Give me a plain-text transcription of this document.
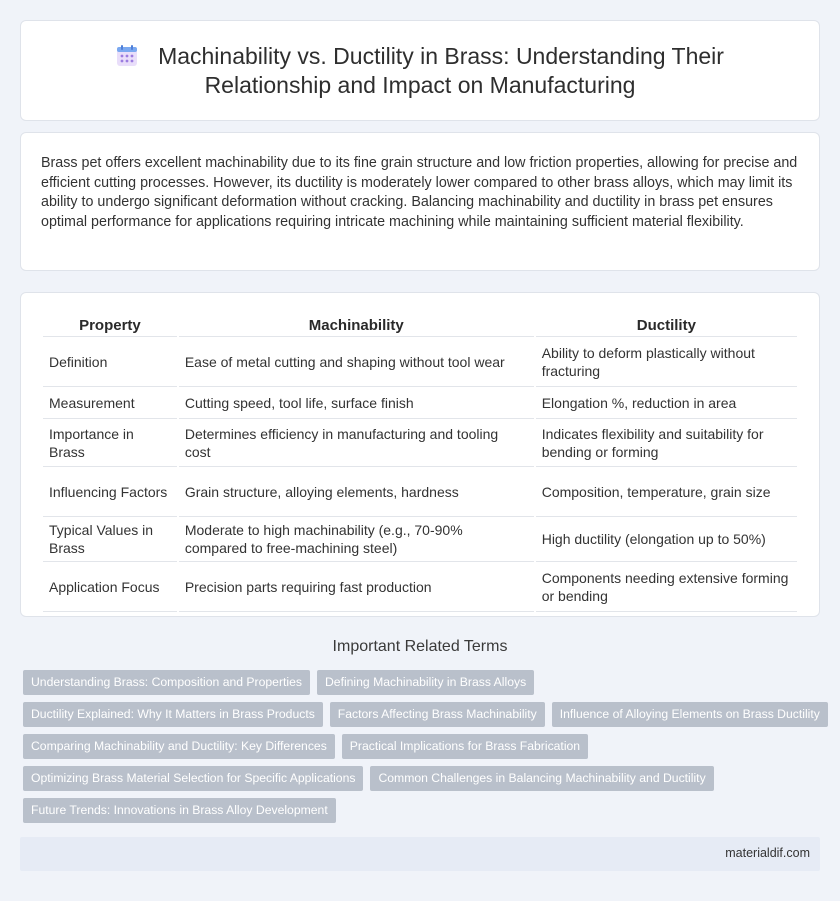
Machinability vs. Ductility in Brass: Understanding Their
Relationship and Impact on Manufacturing

Brass pet offers excellent machinability due to its fine grain structure and low friction properties, allowing for precise and efficient cutting processes. However, its ductility is moderately lower compared to other brass alloys, which may limit its ability to undergo significant deformation without cracking. Balancing machinability and ductility in brass pet ensures optimal performance for applications requiring intricate machining while maintaining sufficient material flexibility.

Property	Machinability	Ductility
Definition	Ease of metal cutting and shaping without tool wear	Ability to deform plastically without fracturing
Measurement	Cutting speed, tool life, surface finish	Elongation %, reduction in area
Importance in Brass	Determines efficiency in manufacturing and tooling cost	Indicates flexibility and suitability for bending or forming
Influencing Factors	Grain structure, alloying elements, hardness	Composition, temperature, grain size
Typical Values in Brass	Moderate to high machinability (e.g., 70-90% compared to free-machining steel)	High ductility (elongation up to 50%)
Application Focus	Precision parts requiring fast production	Components needing extensive forming or bending
Important Related Terms
Understanding Brass: Composition and Properties Defining Machinability in Brass Alloys
Ductility Explained: Why It Matters in Brass Products Factors Affecting Brass Machinability Influence of Alloying Elements on Brass Ductility
Comparing Machinability and Ductility: Key Differences Practical Implications for Brass Fabrication
Optimizing Brass Material Selection for Specific Applications Common Challenges in Balancing Machinability and Ductility
Future Trends: Innovations in Brass Alloy Development
materialdif.com
